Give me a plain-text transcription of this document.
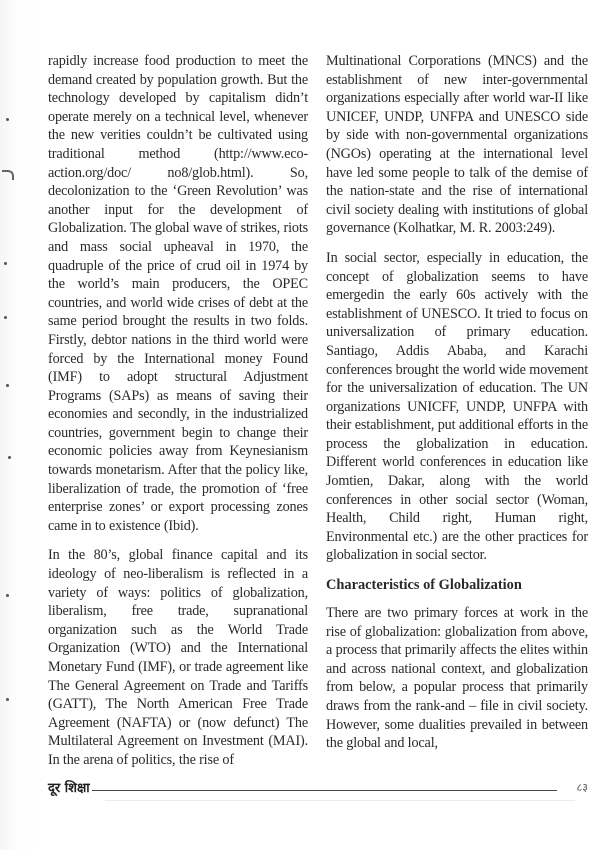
rapidly increase food production to meet the demand created by population growth. But the technology developed by capitalism didn’t operate merely on a technical level, whenever the new verities couldn’t be cultivated using traditional method (http://www.eco-action.org/doc/ no8/glob.html). So, decolonization to the ‘Green Revolution’ was another input for the development of Globalization. The global wave of strikes, riots and mass social upheaval in 1970, the quadruple of the price of crud oil in 1974 by the world’s main producers, the OPEC countries, and world wide crises of debt at the same period brought the results in two folds. Firstly, debtor nations in the third world were forced by the International money Found (IMF) to adopt structural Adjustment Programs (SAPs) as means of saving their economies and secondly, in the industrialized countries, government begin to change their economic policies away from Keynesianism towards monetarism. After that the policy like, liberalization of trade, the promotion of ‘free enterprise zones’ or export processing zones came in to existence (Ibid).

In the 80’s, global finance capital and its ideology of neo-liberalism is reflected in a variety of ways: politics of globalization, liberalism, free trade, supranational organization such as the World Trade Organization (WTO) and the International Monetary Fund (IMF), or trade agreement like The General Agreement on Trade and Tariffs (GATT), The North American Free Trade Agreement (NAFTA) or (now defunct) The Multilateral Agreement on Investment (MAI). In the arena of politics, the rise of

Multinational Corporations (MNCS) and the establishment of new inter-governmental organizations especially after world war-II like UNICEF, UNDP, UNFPA and UNESCO side by side with non-governmental organizations (NGOs) operating at the international level have led some people to talk of the demise of the nation-state and the rise of international civil society dealing with institutions of global governance (Kolhatkar, M. R. 2003:249).

In social sector, especially in education, the concept of globalization seems to have emergedin the early 60s actively with the establishment of UNESCO. It tried to focus on universalization of primary education. Santiago, Addis Ababa, and Karachi conferences brought the world wide movement for the universalization of education. The UN organizations UNICFF, UNDP, UNFPA with their establishment, put additional efforts in the process the globalization in education. Different world conferences in education like Jomtien, Dakar, along with the world conferences in other social sector (Woman, Health, Child right, Human right, Environmental etc.) are the other practices for globalization in social sector.

Characteristics of Globalization

There are two primary forces at work in the rise of globalization: globalization from above, a process that primarily affects the elites within and across national context, and globalization from below, a popular process that primarily draws from the rank-and – file in civil society. However, some dualities prevailed in between the global and local,

दूर शिक्षा	८३
